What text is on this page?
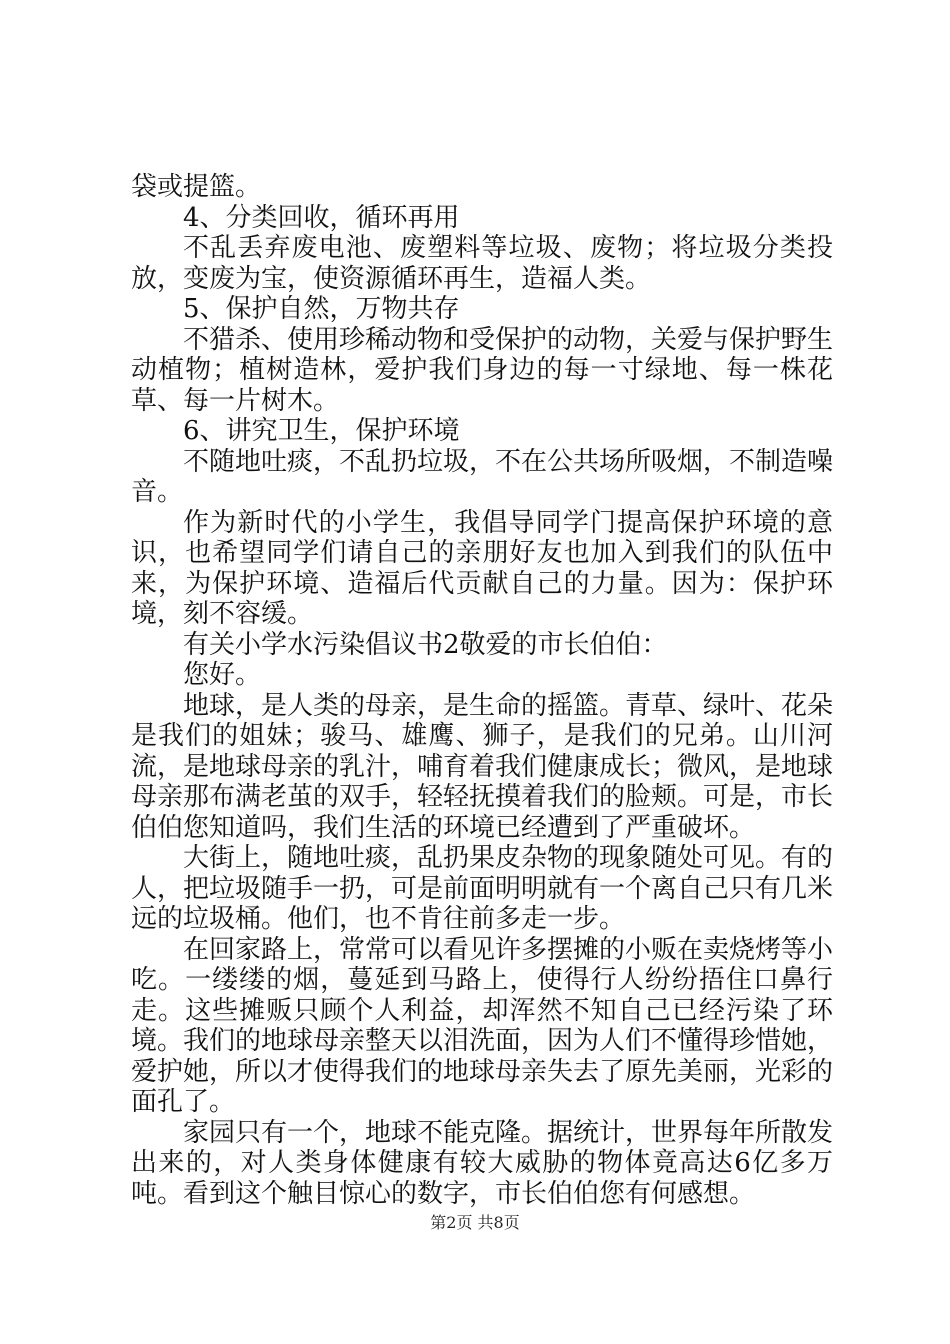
袋或提篮。

4、分类回收，循环再用

不乱丢弃废电池、废塑料等垃圾、废物；将垃圾分类投放，变废为宝，使资源循环再生，造福人类。

5、保护自然，万物共存

不猎杀、使用珍稀动物和受保护的动物，关爱与保护野生动植物；植树造林，爱护我们身边的每一寸绿地、每一株花草、每一片树木。

6、讲究卫生，保护环境

不随地吐痰，不乱扔垃圾，不在公共场所吸烟，不制造噪音。

作为新时代的小学生，我倡导同学门提高保护环境的意识，也希望同学们请自己的亲朋好友也加入到我们的队伍中来，为保护环境、造福后代贡献自己的力量。因为：保护环境，刻不容缓。

有关小学水污染倡议书2敬爱的市长伯伯：

您好。

地球，是人类的母亲，是生命的摇篮。青草、绿叶、花朵是我们的姐妹；骏马、雄鹰、狮子，是我们的兄弟。山川河流，是地球母亲的乳汁，哺育着我们健康成长；微风，是地球母亲那布满老茧的双手，轻轻抚摸着我们的脸颊。可是，市长伯伯您知道吗，我们生活的环境已经遭到了严重破坏。

大街上，随地吐痰，乱扔果皮杂物的现象随处可见。有的人，把垃圾随手一扔，可是前面明明就有一个离自己只有几米远的垃圾桶。他们，也不肯往前多走一步。

在回家路上，常常可以看见许多摆摊的小贩在卖烧烤等小吃。一缕缕的烟，蔓延到马路上，使得行人纷纷捂住口鼻行走。这些摊贩只顾个人利益，却浑然不知自己已经污染了环境。我们的地球母亲整天以泪洗面，因为人们不懂得珍惜她，爱护她，所以才使得我们的地球母亲失去了原先美丽，光彩的面孔了。

家园只有一个，地球不能克隆。据统计，世界每年所散发出来的，对人类身体健康有较大威胁的物体竟高达6亿多万吨。看到这个触目惊心的数字，市长伯伯您有何感想。

第2页 共8页
